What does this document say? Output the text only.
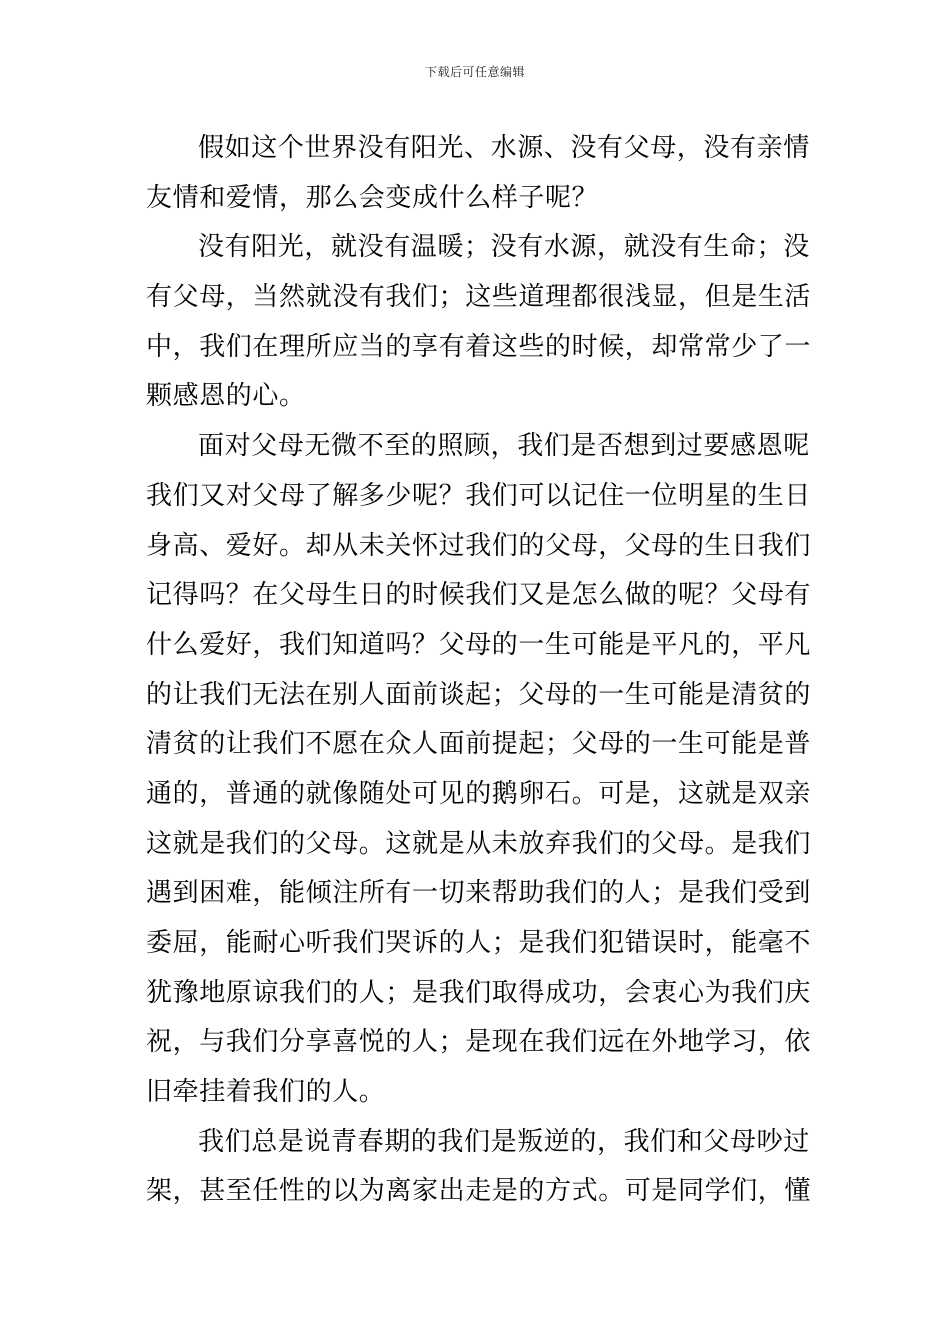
下载后可任意编辑
假如这个世界没有阳光、水源、没有父母，没有亲情
友情和爱情，那么会变成什么样子呢？
没有阳光，就没有温暖；没有水源，就没有生命；没
有父母，当然就没有我们；这些道理都很浅显，但是生活
中，我们在理所应当的享有着这些的时候，却常常少了一
颗感恩的心。
面对父母无微不至的照顾，我们是否想到过要感恩呢
我们又对父母了解多少呢？我们可以记住一位明星的生日
身高、爱好。却从未关怀过我们的父母，父母的生日我们
记得吗？在父母生日的时候我们又是怎么做的呢？父母有
什么爱好，我们知道吗？父母的一生可能是平凡的，平凡
的让我们无法在别人面前谈起；父母的一生可能是清贫的
清贫的让我们不愿在众人面前提起；父母的一生可能是普
通的，普通的就像随处可见的鹅卵石。可是，这就是双亲
这就是我们的父母。这就是从未放弃我们的父母。是我们
遇到困难，能倾注所有一切来帮助我们的人；是我们受到
委屈，能耐心听我们哭诉的人；是我们犯错误时，能毫不
犹豫地原谅我们的人；是我们取得成功，会衷心为我们庆
祝，与我们分享喜悦的人；是现在我们远在外地学习，依
旧牵挂着我们的人。
我们总是说青春期的我们是叛逆的，我们和父母吵过
架，甚至任性的以为离家出走是的方式。可是同学们，懂
